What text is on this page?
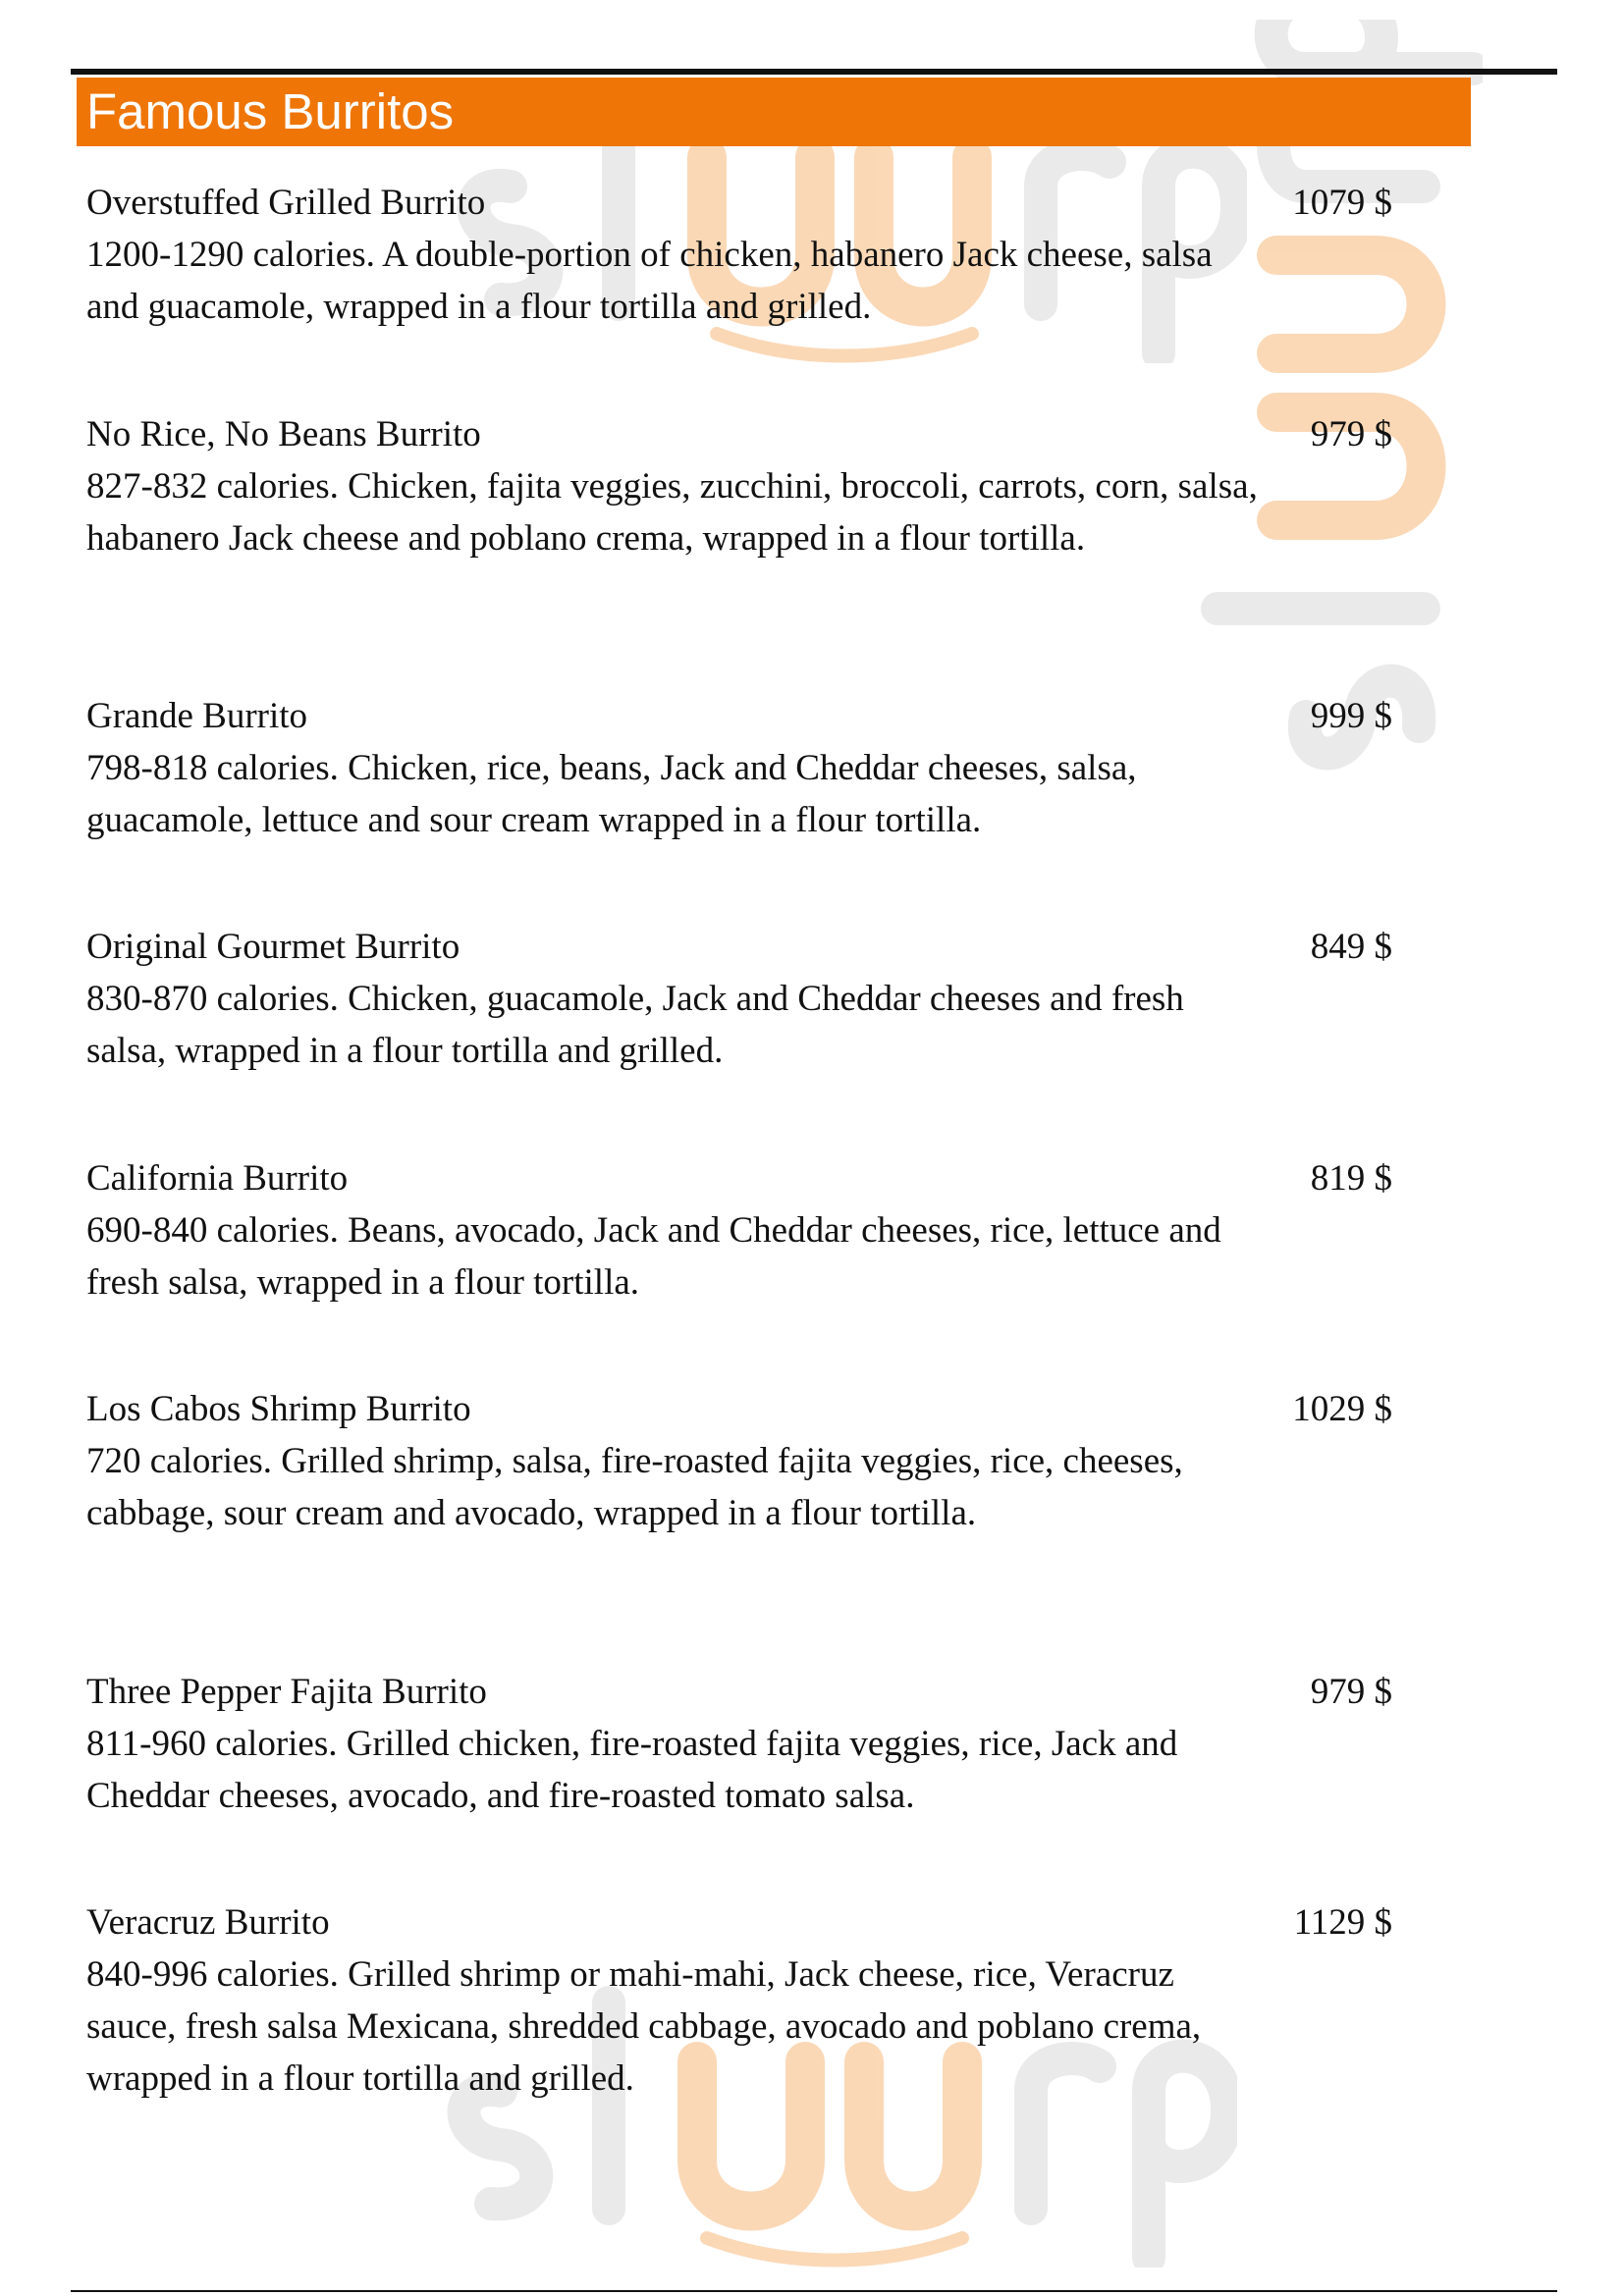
Famous Burritos
Overstuffed Grilled Burrito
1200-1290 calories. A double-portion of chicken, habanero Jack cheese, salsa and guacamole, wrapped in a flour tortilla and grilled.
1079 $
No Rice, No Beans Burrito
827-832 calories. Chicken, fajita veggies, zucchini, broccoli, carrots, corn, salsa, habanero Jack cheese and poblano crema, wrapped in a flour tortilla.
979 $
Grande Burrito
798-818 calories. Chicken, rice, beans, Jack and Cheddar cheeses, salsa, guacamole, lettuce and sour cream wrapped in a flour tortilla.
999 $
Original Gourmet Burrito
830-870 calories. Chicken, guacamole, Jack and Cheddar cheeses and fresh salsa, wrapped in a flour tortilla and grilled.
849 $
California Burrito
690-840 calories. Beans, avocado, Jack and Cheddar cheeses, rice, lettuce and fresh salsa, wrapped in a flour tortilla.
819 $
Los Cabos Shrimp Burrito
720 calories. Grilled shrimp, salsa, fire-roasted fajita veggies, rice, cheeses, cabbage, sour cream and avocado, wrapped in a flour tortilla.
1029 $
Three Pepper Fajita Burrito
811-960 calories. Grilled chicken, fire-roasted fajita veggies, rice, Jack and Cheddar cheeses, avocado, and fire-roasted tomato salsa.
979 $
Veracruz Burrito
840-996 calories. Grilled shrimp or mahi-mahi, Jack cheese, rice, Veracruz sauce, fresh salsa Mexicana, shredded cabbage, avocado and poblano crema, wrapped in a flour tortilla and grilled.
1129 $
